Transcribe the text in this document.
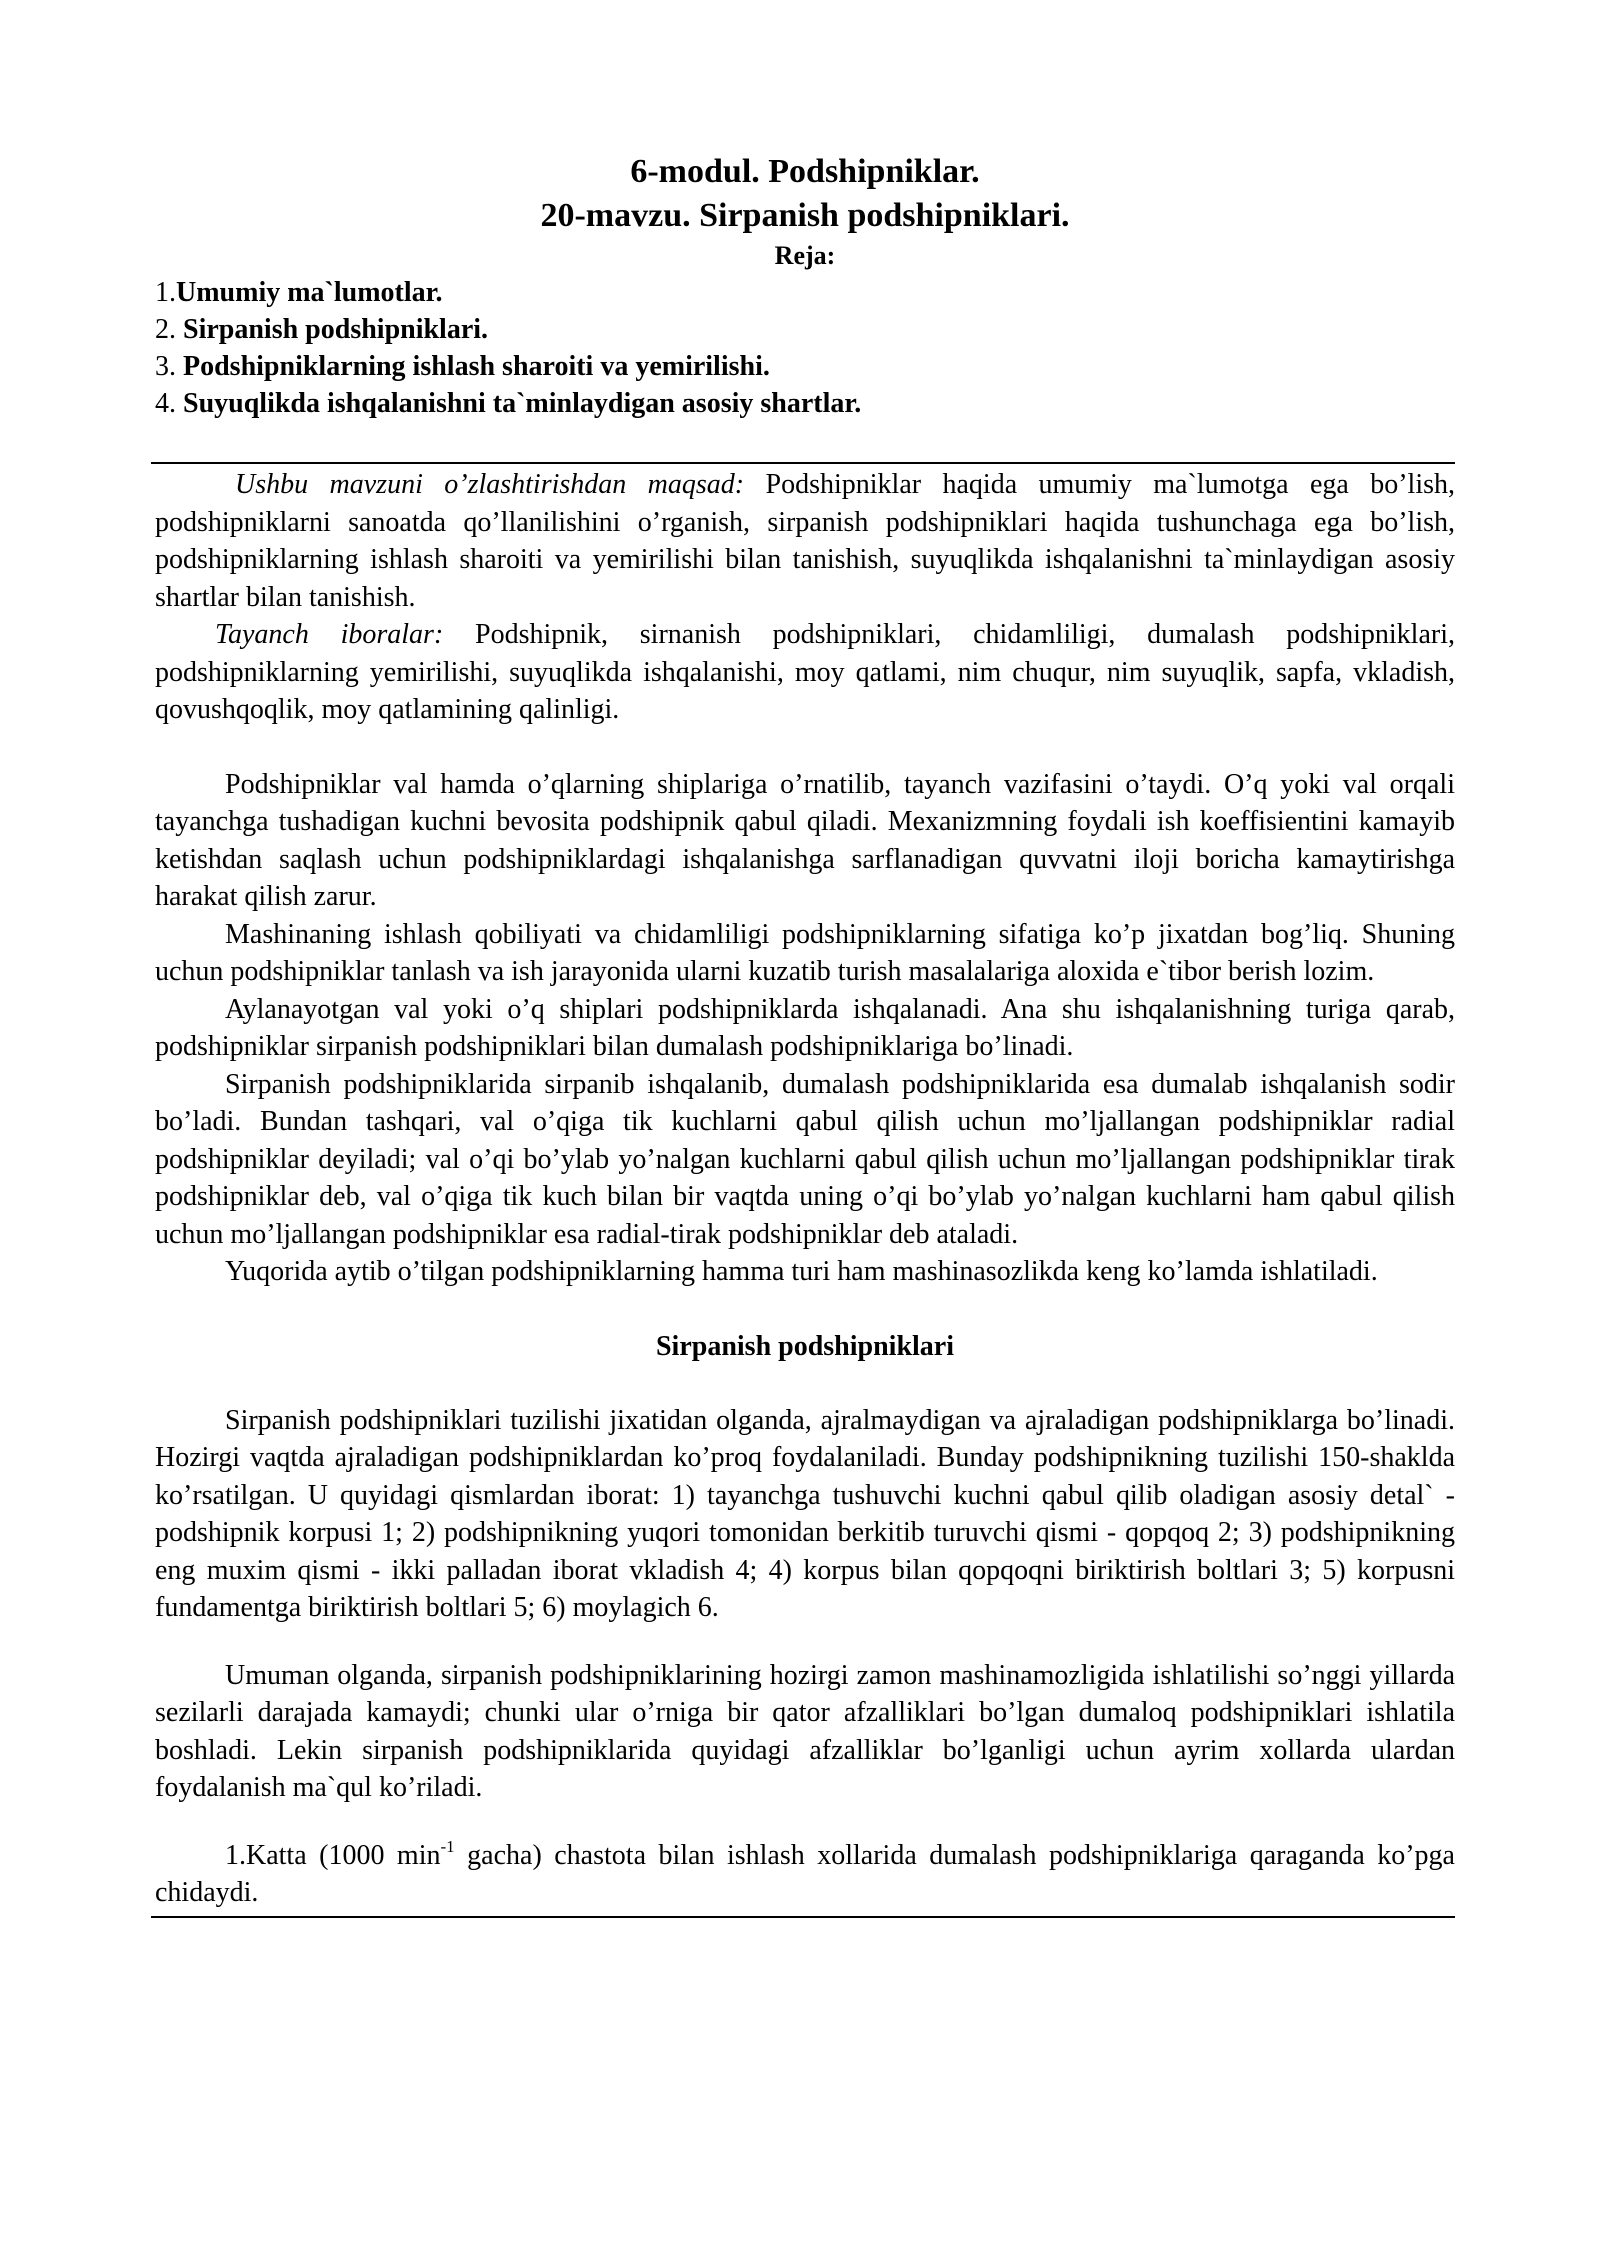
6-modul. Podshipniklar.
20-mavzu. Sirpanish podshipniklari.
Reja:
1.Umumiy ma`lumotlar.
2. Sirpanish podshipniklari.
3. Podshipniklarning ishlash sharoiti va yemirilishi.
4. Suyuqlikda ishqalanishni ta`minlaydigan asosiy shartlar.

Ushbu mavzuni o’zlashtirishdan maqsad: Podshipniklar haqida umumiy ma`lumotga ega bo’lish, podshipniklarni sanoatda qo’llanilishini o’rganish, sirpanish podshipniklari haqida tushunchaga ega bo’lish, podshipniklarning ishlash sharoiti va yemirilishi bilan tanishish, suyuqlikda ishqalanishni ta`minlaydigan asosiy shartlar bilan tanishish.

Tayanch iboralar: Podshipnik, sirnanish podshipniklari, chidamliligi, dumalash podshipniklari, podshipniklarning yemirilishi, suyuqlikda ishqalanishi, moy qatlami, nim chuqur, nim suyuqlik, sapfa, vkladish, qovushqoqlik, moy qatlamining qalinligi.

Podshipniklar val hamda o’qlarning shiplariga o’rnatilib, tayanch vazifasini o’taydi. O’q yoki val orqali tayanchga tushadigan kuchni bevosita podshipnik qabul qiladi. Mexanizmning foydali ish koeffisientini kamayib ketishdan saqlash uchun podshipniklardagi ishqalanishga sarflanadigan quvvatni iloji boricha kamaytirishga harakat qilish zarur.

Mashinaning ishlash qobiliyati va chidamliligi podshipniklarning sifatiga ko’p jixatdan bog’liq. Shuning uchun podshipniklar tanlash va ish jarayonida ularni kuzatib turish masalalariga aloxida e`tibor berish lozim.

Aylanayotgan val yoki o’q shiplari podshipniklarda ishqalanadi. Ana shu ishqalanishning turiga qarab, podshipniklar sirpanish podshipniklari bilan dumalash podshipniklariga bo’linadi.

Sirpanish podshipniklarida sirpanib ishqalanib, dumalash podshipniklarida esa dumalab ishqalanish sodir bo’ladi. Bundan tashqari, val o’qiga tik kuchlarni qabul qilish uchun mo’ljallangan podshipniklar radial podshipniklar deyiladi; val o’qi bo’ylab yo’nalgan kuchlarni qabul qilish uchun mo’ljallangan podshipniklar tirak podshipniklar deb, val o’qiga tik kuch bilan bir vaqtda uning o’qi bo’ylab yo’nalgan kuchlarni ham qabul qilish uchun mo’ljallangan podshipniklar esa radial-tirak podshipniklar deb ataladi.

Yuqorida aytib o’tilgan podshipniklarning hamma turi ham mashinasozlikda keng ko’lamda ishlatiladi.

Sirpanish podshipniklari

Sirpanish podshipniklari tuzilishi jixatidan olganda, ajralmaydigan va ajraladigan podshipniklarga bo’linadi. Hozirgi vaqtda ajraladigan podshipniklardan ko’proq foydalaniladi. Bunday podshipnikning tuzilishi 150-shaklda ko’rsatilgan. U quyidagi qismlardan iborat: 1) tayanchga tushuvchi kuchni qabul qilib oladigan asosiy detal` - podshipnik korpusi 1; 2) podshipnikning yuqori tomonidan berkitib turuvchi qismi - qopqoq 2; 3) podshipnikning eng muxim qismi - ikki palladan iborat vkladish 4; 4) korpus bilan qopqoqni biriktirish boltlari 3; 5) korpusni fundamentga biriktirish boltlari 5; 6) moylagich 6.

Umuman olganda, sirpanish podshipniklarining hozirgi zamon mashinamozligida ishlatilishi so’nggi yillarda sezilarli darajada kamaydi; chunki ular o’rniga bir qator afzalliklari bo’lgan dumaloq podshipniklari ishlatila boshladi. Lekin sirpanish podshipniklarida quyidagi afzalliklar bo’lganligi uchun ayrim xollarda ulardan foydalanish ma`qul ko’riladi.

1.Katta (1000 $\min^{-1}$ gacha) chastota bilan ishlash xollarida dumalash podshipniklariga qaraganda ko’pga chidaydi.
